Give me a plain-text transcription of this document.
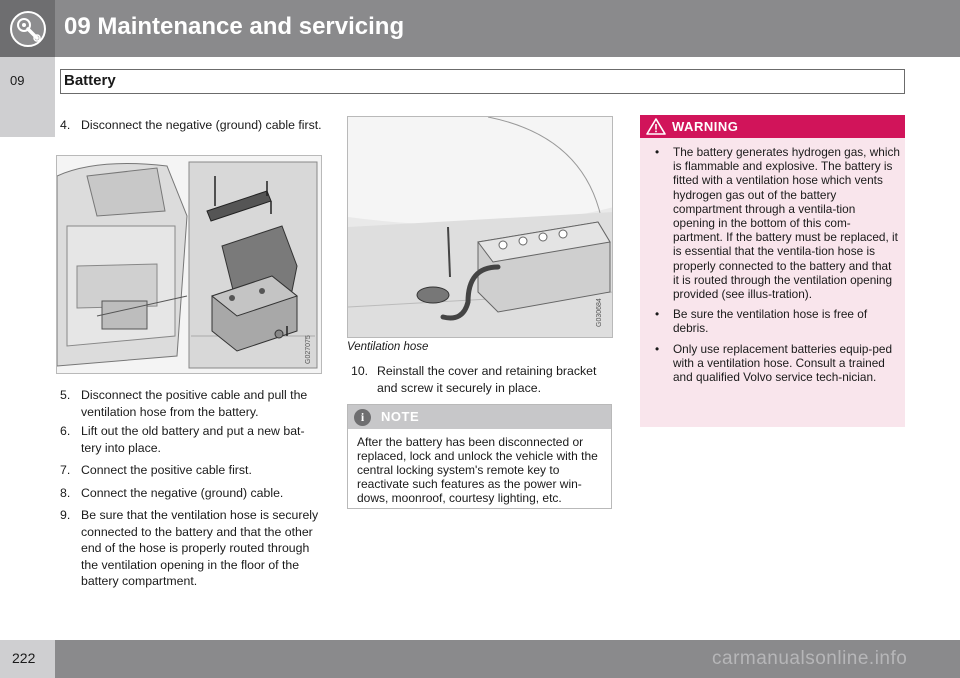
09 Maintenance and servicing
09	Battery
4. Disconnect the negative (ground) cable first.
G027075
5. Disconnect the positive cable and pull the ventilation hose from the battery.
6. Lift out the old battery and put a new bat-tery into place.
7. Connect the positive cable first.
8. Connect the negative (ground) cable.
9. Be sure that the ventilation hose is securely connected to the battery and that the other end of the hose is properly routed through the ventilation opening in the floor of the battery compartment.
G030684
Ventilation hose
10. Reinstall the cover and retaining bracket and screw it securely in place.
i	NOTE
After the battery has been disconnected or replaced, lock and unlock the vehicle with the central locking system's remote key to reactivate such features as the power win-dows, moonroof, courtesy lighting, etc.
WARNING
• The battery generates hydrogen gas, which is flammable and explosive. The battery is fitted with a ventilation hose which vents hydrogen gas out of the battery compartment through a ventila-tion opening in the bottom of this com-partment. If the battery must be replaced, it is essential that the ventila-tion hose is properly connected to the battery and that it is routed through the ventilation opening provided (see illus-tration).
• Be sure the ventilation hose is free of debris.
• Only use replacement batteries equip-ped with a ventilation hose. Consult a trained and qualified Volvo service tech-nician.
222	carmanualsonline.info
